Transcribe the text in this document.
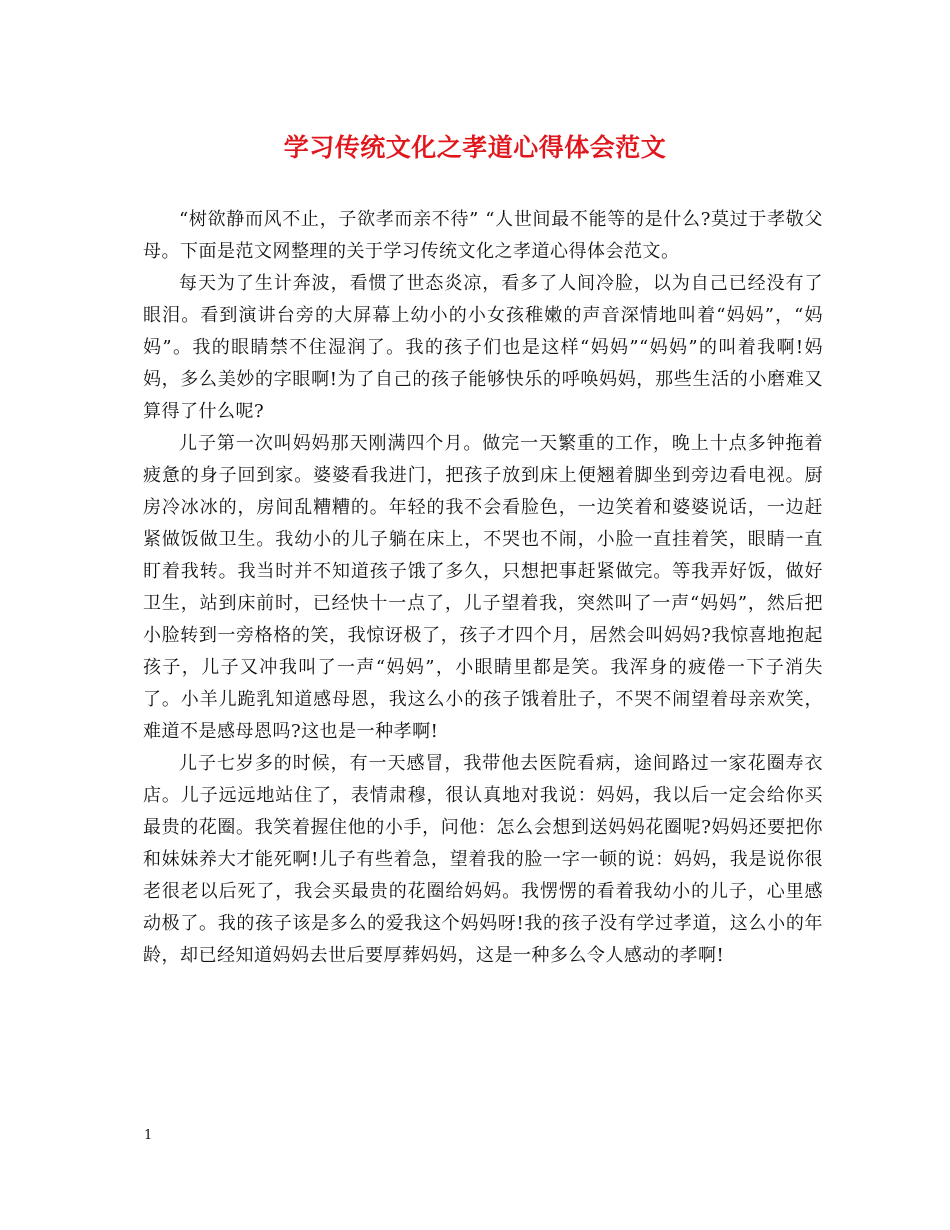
学习传统文化之孝道心得体会范文

“树欲静而风不止，子欲孝而亲不待” “人世间最不能等的是什么?莫过于孝敬父母。下面是范文网整理的关于学习传统文化之孝道心得体会范文。

每天为了生计奔波，看惯了世态炎凉，看多了人间冷脸，以为自己已经没有了眼泪。看到演讲台旁的大屏幕上幼小的小女孩稚嫩的声音深情地叫着“妈妈”，“妈妈”。我的眼睛禁不住湿润了。我的孩子们也是这样“妈妈”“妈妈”的叫着我啊!妈妈，多么美妙的字眼啊!为了自己的孩子能够快乐的呼唤妈妈，那些生活的小磨难又算得了什么呢?

儿子第一次叫妈妈那天刚满四个月。做完一天繁重的工作，晚上十点多钟拖着疲惫的身子回到家。婆婆看我进门，把孩子放到床上便翘着脚坐到旁边看电视。厨房冷冰冰的，房间乱糟糟的。年轻的我不会看脸色，一边笑着和婆婆说话，一边赶紧做饭做卫生。我幼小的儿子躺在床上，不哭也不闹，小脸一直挂着笑，眼睛一直盯着我转。我当时并不知道孩子饿了多久，只想把事赶紧做完。等我弄好饭，做好卫生，站到床前时，已经快十一点了，儿子望着我，突然叫了一声“妈妈”，然后把小脸转到一旁格格的笑，我惊讶极了，孩子才四个月，居然会叫妈妈?我惊喜地抱起孩子，儿子又冲我叫了一声“妈妈”，小眼睛里都是笑。我浑身的疲倦一下子消失了。小羊儿跪乳知道感母恩，我这么小的孩子饿着肚子，不哭不闹望着母亲欢笑，难道不是感母恩吗?这也是一种孝啊!

儿子七岁多的时候，有一天感冒，我带他去医院看病，途间路过一家花圈寿衣店。儿子远远地站住了，表情肃穆，很认真地对我说：妈妈，我以后一定会给你买最贵的花圈。我笑着握住他的小手，问他：怎么会想到送妈妈花圈呢?妈妈还要把你和妹妹养大才能死啊!儿子有些着急，望着我的脸一字一顿的说：妈妈，我是说你很老很老以后死了，我会买最贵的花圈给妈妈。我愣愣的看着我幼小的儿子，心里感动极了。我的孩子该是多么的爱我这个妈妈呀!我的孩子没有学过孝道，这么小的年龄，却已经知道妈妈去世后要厚葬妈妈，这是一种多么令人感动的孝啊!

1
